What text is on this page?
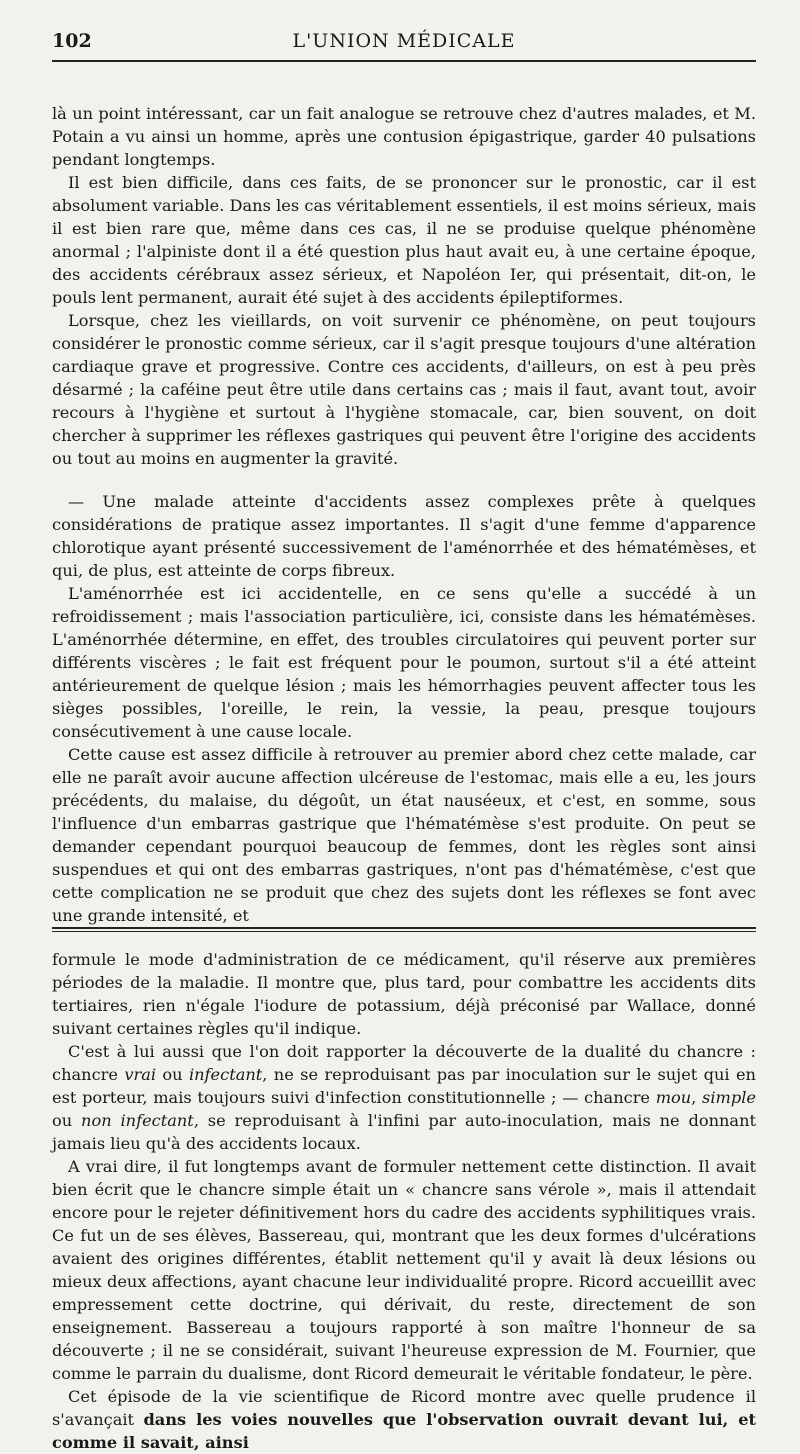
102	L'UNION MÉDICALE

là un point intéressant, car un fait analogue se retrouve chez d'autres malades, et M. Potain a vu ainsi un homme, après une contusion épigastrique, garder 40 pulsations pendant longtemps.

Il est bien difficile, dans ces faits, de se prononcer sur le pronostic, car il est absolument variable. Dans les cas véritablement essentiels, il est moins sérieux, mais il est bien rare que, même dans ces cas, il ne se produise quelque phénomène anormal ; l'alpiniste dont il a été question plus haut avait eu, à une certaine époque, des accidents cérébraux assez sérieux, et Napoléon Ier, qui présentait, dit-on, le pouls lent permanent, aurait été sujet à des accidents épileptiformes.

Lorsque, chez les vieillards, on voit survenir ce phénomène, on peut toujours considérer le pronostic comme sérieux, car il s'agit presque toujours d'une altération cardiaque grave et progressive. Contre ces accidents, d'ailleurs, on est à peu près désarmé ; la caféine peut être utile dans certains cas ; mais il faut, avant tout, avoir recours à l'hygiène et surtout à l'hygiène stomacale, car, bien souvent, on doit chercher à supprimer les réflexes gastriques qui peuvent être l'origine des accidents ou tout au moins en augmenter la gravité.

— Une malade atteinte d'accidents assez complexes prête à quelques considérations de pratique assez importantes. Il s'agit d'une femme d'apparence chlorotique ayant présenté successivement de l'aménorrhée et des hématémèses, et qui, de plus, est atteinte de corps fibreux.

L'aménorrhée est ici accidentelle, en ce sens qu'elle a succédé à un refroidissement ; mais l'association particulière, ici, consiste dans les hématémèses. L'aménorrhée détermine, en effet, des troubles circulatoires qui peuvent porter sur différents viscères ; le fait est fréquent pour le poumon, surtout s'il a été atteint antérieurement de quelque lésion ; mais les hémorrhagies peuvent affecter tous les sièges possibles, l'oreille, le rein, la vessie, la peau, presque toujours consécutivement à une cause locale.

Cette cause est assez difficile à retrouver au premier abord chez cette malade, car elle ne paraît avoir aucune affection ulcéreuse de l'estomac, mais elle a eu, les jours précédents, du malaise, du dégoût, un état nauséeux, et c'est, en somme, sous l'influence d'un embarras gastrique que l'hématémèse s'est produite. On peut se demander cependant pourquoi beaucoup de femmes, dont les règles sont ainsi suspendues et qui ont des embarras gastriques, n'ont pas d'hématémèse, c'est que cette complication ne se produit que chez des sujets dont les réflexes se font avec une grande intensité, et

formule le mode d'administration de ce médicament, qu'il réserve aux premières périodes de la maladie. Il montre que, plus tard, pour combattre les accidents dits tertiaires, rien n'égale l'iodure de potassium, déjà préconisé par Wallace, donné suivant certaines règles qu'il indique.

C'est à lui aussi que l'on doit rapporter la découverte de la dualité du chancre : chancre vrai ou infectant, ne se reproduisant pas par inoculation sur le sujet qui en est porteur, mais toujours suivi d'infection constitutionnelle ; — chancre mou, simple ou non infectant, se reproduisant à l'infini par auto-inoculation, mais ne donnant jamais lieu qu'à des accidents locaux.

A vrai dire, il fut longtemps avant de formuler nettement cette distinction. Il avait bien écrit que le chancre simple était un « chancre sans vérole », mais il attendait encore pour le rejeter définitivement hors du cadre des accidents syphilitiques vrais. Ce fut un de ses élèves, Bassereau, qui, montrant que les deux formes d'ulcérations avaient des origines différentes, établit nettement qu'il y avait là deux lésions ou mieux deux affections, ayant chacune leur individualité propre. Ricord accueillit avec empressement cette doctrine, qui dérivait, du reste, directement de son enseignement. Bassereau a toujours rapporté à son maître l'honneur de sa découverte ; il ne se considérait, suivant l'heureuse expression de M. Fournier, que comme le parrain du dualisme, dont Ricord demeurait le véritable fondateur, le père.

Cet épisode de la vie scientifique de Ricord montre avec quelle prudence il s'avançait dans les voies nouvelles que l'observation ouvrait devant lui, et comme il savait, ainsi
